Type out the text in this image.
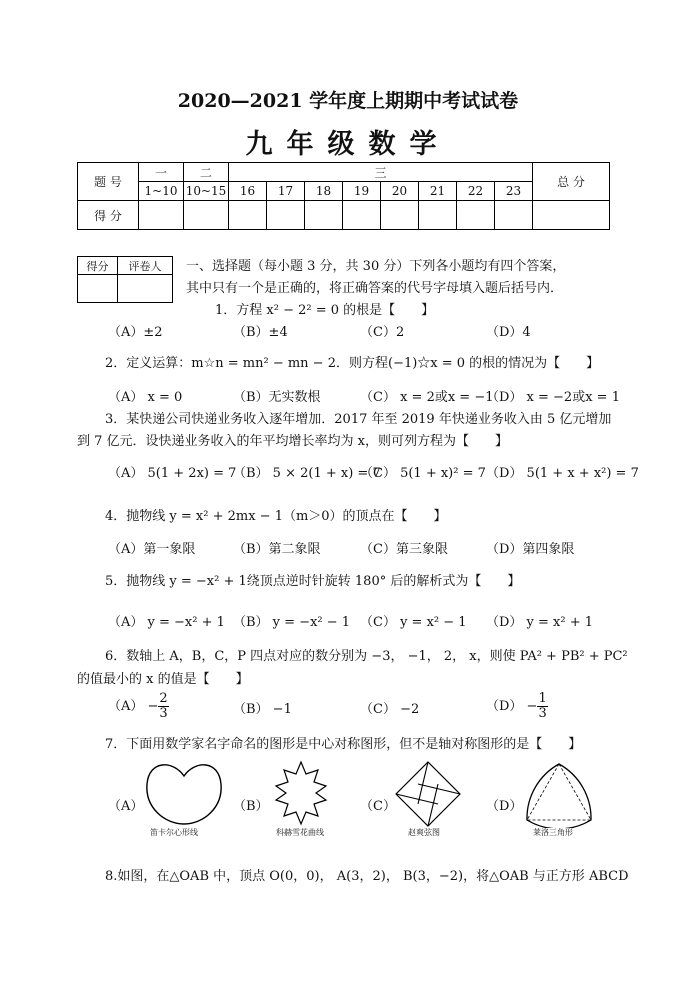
2020—2021 学年度上期期中考试试卷
九年级数学
题 号	一	二	三								总 分
	1~10	10~15	16	17	18	19	20	21	22	23	
得 分											
得分	评卷人
	一、选择题（每小题 3 分，共 30 分）下列各小题均有四个答案，
其中只有一个是正确的，将正确答案的代号字母填入题后括号内．
1．方程 x² − 2² = 0 的根是【　　】
（A）±2	（B）±4	（C）2	（D）4
2．定义运算：m☆n = mn² − mn − 2．则方程(−1)☆x = 0 的根的情况为【　　】
（A） x = 0	（B）无实数根	（C） x = 2或x = −1
（D） x = −2或x = 1
3．某快递公司快递业务收入逐年增加．2017 年至 2019 年快递业务收入由 5 亿元增加
到 7 亿元．设快递业务收入的年平均增长率均为 x，则可列方程为【　　】
（A） 5(1 + 2x) = 7
（B） 5 × 2(1 + x) = 7
（C） 5(1 + x)² = 7 （D） 5(1 + x + x²) = 7
4．抛物线 y = x² + 2mx − 1（m＞0）的顶点在【　　】
（A）第一象限	（B）第二象限	（C）第三象限	（D）第四象限
5．抛物线 y = −x² + 1绕顶点逆时针旋转 180° 后的解析式为【　　】
（A） y = −x² + 1 （B） y = −x² − 1 （C） y = x² − 1 （D） y = x² + 1
6．数轴上 A，B，C，P 四点对应的数分别为 −3， −1， 2， x，则使 PA² + PB² + PC²
的值最小的 x 的值是【　　】
$(A) - \frac{2}{3}$	（B） −1	（C） −2	$(D) - \frac{1}{3}$
7．下面用数学家名字命名的图形是中心对称图形，但不是轴对称图形的是【　　】
（A）
笛卡尔心形线
（B）
科赫雪花曲线
（C）
赵爽弦图
（D）
莱洛三角形
8.如图，在△OAB 中，顶点 O(0，0)， A(3，2)， B(3，−2)，将△OAB 与正方形 ABCD
